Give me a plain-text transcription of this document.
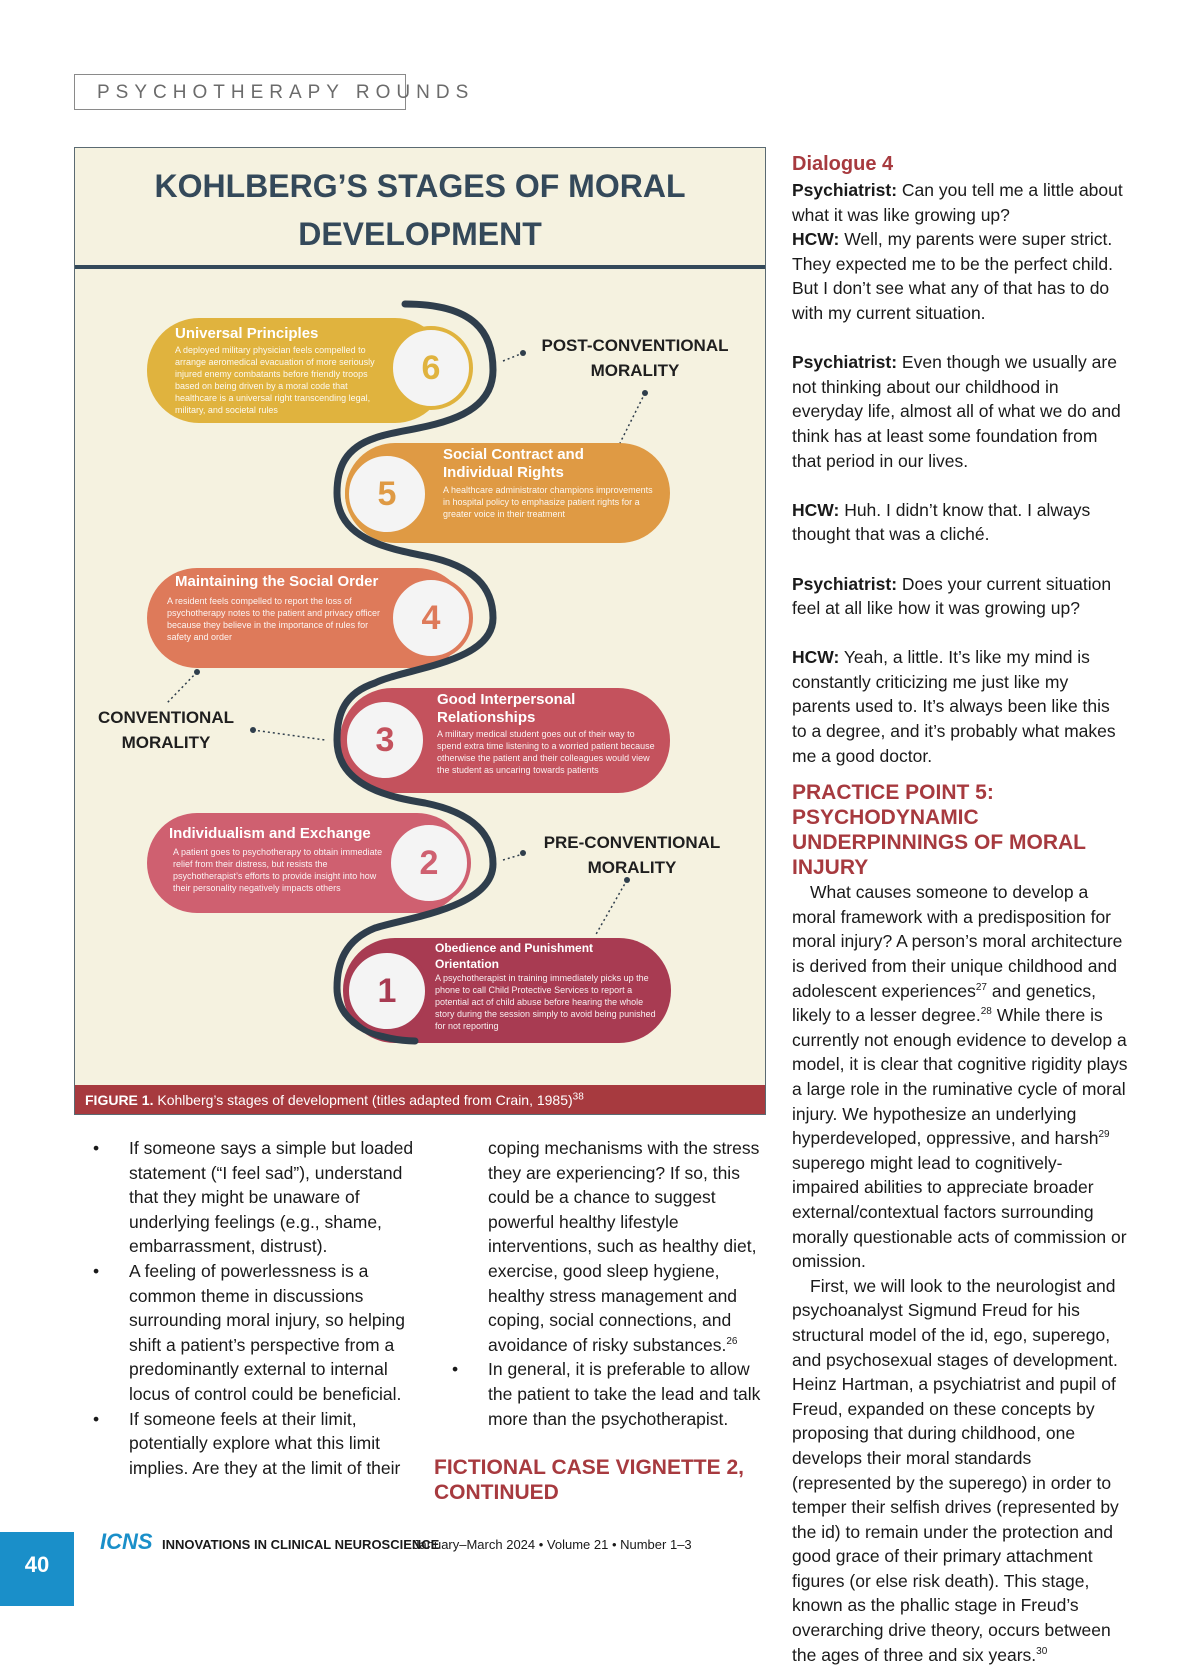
PSYCHOTHERAPY ROUNDS
KOHLBERG’S STAGES OF MORAL
DEVELOPMENT
6
5
4
3
2
1
Universal Principles
A deployed military physician feels compelled to arrange aeromedical evacuation of more seriously injured enemy combatants before friendly troops based on being driven by a moral code that healthcare is a universal right transcending legal, military, and societal rules
Social Contract and
Individual Rights
A healthcare administrator champions improvements in hospital policy to emphasize patient rights for a greater voice in their treatment
Maintaining the Social Order
A resident feels compelled to report the loss of psychotherapy notes to the patient and privacy officer because they believe in the importance of rules for safety and order
Good Interpersonal
Relationships
A military medical student goes out of their way to spend extra time listening to a worried patient because otherwise the patient and their colleagues would view the student as uncaring towards patients
Individualism and Exchange
A patient goes to psychotherapy to obtain immediate relief from their distress, but resists the psychotherapist’s efforts to provide insight into how their personality negatively impacts others
Obedience and Punishment
Orientation
A psychotherapist in training immediately picks up the phone to call Child Protective Services to report a potential act of child abuse before hearing the whole story during the session simply to avoid being punished for not reporting
POST-CONVENTIONAL
MORALITY
CONVENTIONAL
MORALITY
PRE-CONVENTIONAL
MORALITY
FIGURE 1. Kohlberg’s stages of development (titles adapted from Crain, 1985)$^{38}$
• If someone says a simple but loaded statement (“I feel sad”), understand that they might be unaware of underlying feelings (e.g., shame, embarrassment, distrust).
• A feeling of powerlessness is a common theme in discussions surrounding moral injury, so helping shift a patient’s perspective from a predominantly external to internal locus of control could be beneficial.
• If someone feels at their limit, potentially explore what this limit implies. Are they at the limit of their

coping mechanisms with the stress they are experiencing? If so, this could be a chance to suggest powerful healthy lifestyle interventions, such as healthy diet, exercise, good sleep hygiene, healthy stress management and coping, social connections, and avoidance of risky substances.$^{26}$

• In general, it is preferable to allow the patient to take the lead and talk more than the psychotherapist.
FICTIONAL CASE VIGNETTE 2,
CONTINUED
Dialogue 4

Psychiatrist: Can you tell me a little about what it was like growing up?

HCW: Well, my parents were super strict. They expected me to be the perfect child. But I don’t see what any of that has to do with my current situation.

Psychiatrist: Even though we usually are not thinking about our childhood in everyday life, almost all of what we do and think has at least some foundation from that period in our lives.

HCW: Huh. I didn’t know that. I always thought that was a cliché.

Psychiatrist: Does your current situation feel at all like how it was growing up?

HCW: Yeah, a little. It’s like my mind is constantly criticizing me just like my parents used to. It’s always been like this to a degree, and it’s probably what makes me a good doctor.

PRACTICE POINT 5: PSYCHODYNAMIC
UNDERPINNINGS OF MORAL INJURY

What causes someone to develop a moral framework with a predisposition for moral injury? A person’s moral architecture is derived from their unique childhood and adolescent experiences$^{27}$ and genetics, likely to a lesser degree.$^{28}$ While there is currently not enough evidence to develop a model, it is clear that cognitive rigidity plays a large role in the ruminative cycle of moral injury. We hypothesize an underlying hyperdeveloped, oppressive, and harsh$^{29}$ superego might lead to cognitively-impaired abilities to appreciate broader external/contextual factors surrounding morally questionable acts of commission or omission.

First, we will look to the neurologist and psychoanalyst Sigmund Freud for his structural model of the id, ego, superego, and psychosexual stages of development. Heinz Hartman, a psychiatrist and pupil of Freud, expanded on these concepts by proposing that during childhood, one develops their moral standards (represented by the superego) in order to temper their selfish drives (represented by the id) to remain under the protection and good grace of their primary attachment figures (or else risk death). This stage, known as the phallic stage in Freud’s overarching drive theory, occurs between the ages of three and six years.$^{30}$

40
ICNS INNOVATIONS IN CLINICAL NEUROSCIENCE
January–March 2024 • Volume 21 • Number 1–3
